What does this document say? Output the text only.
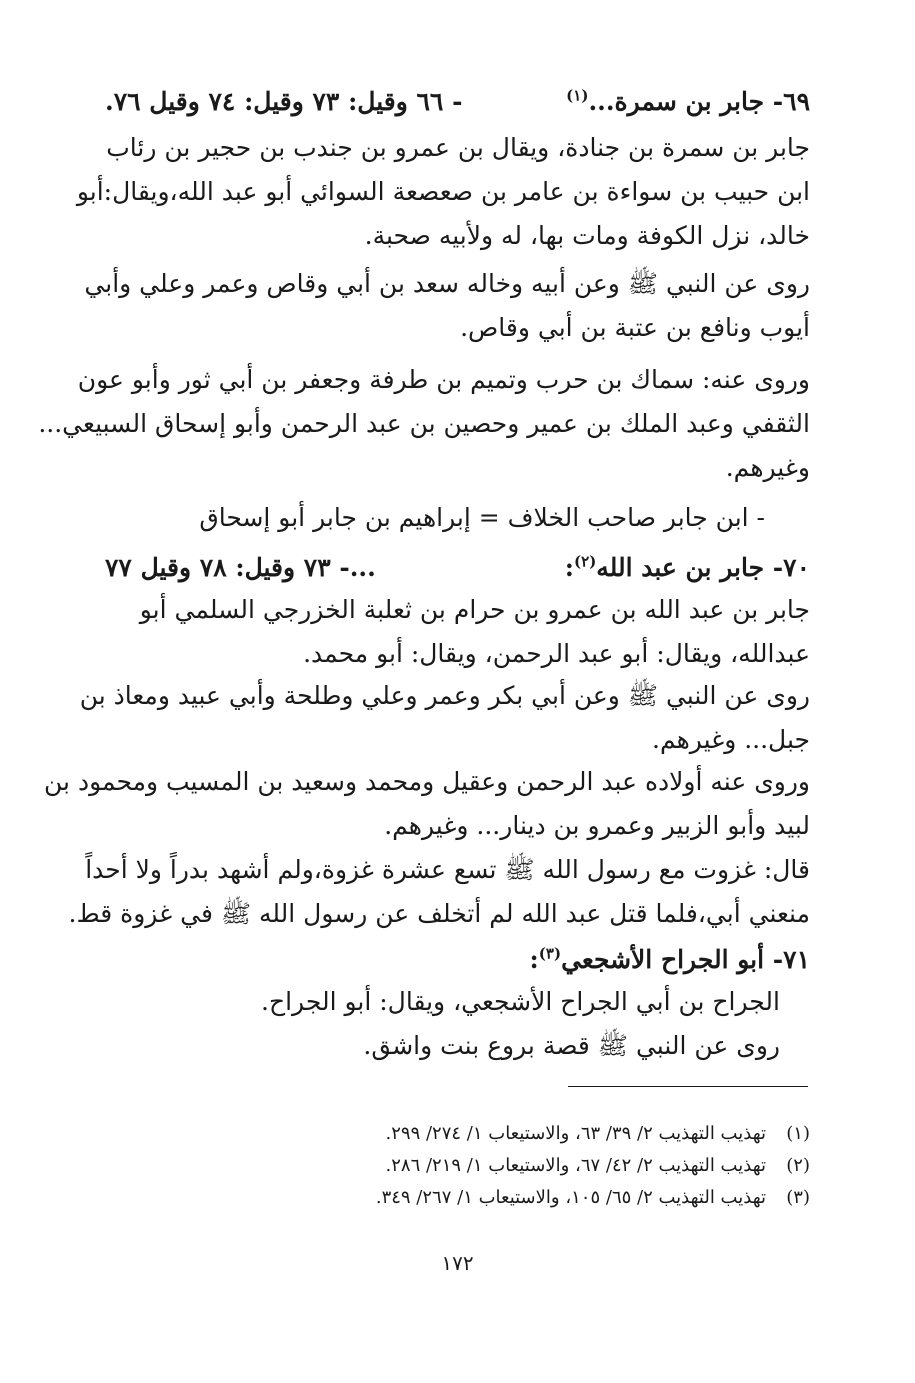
٦٩- جابر بن سمرة...$^{(١)}$
- ٦٦ وقيل: ٧٣ وقيل: ٧٤ وقيل ٧٦.
جابر بن سمرة بن جنادة، ويقال بن عمرو بن جندب بن حجير بن رئاب
ابن حبيب بن سواءة بن عامر بن صعصعة السوائي أبو عبد الله،ويقال:أبو
خالد، نزل الكوفة ومات بها، له ولأبيه صحبة.
روى عن النبي ﷺ وعن أبيه وخاله سعد بن أبي وقاص وعمر وعلي وأبي
أيوب ونافع بن عتبة بن أبي وقاص.
وروى عنه: سماك بن حرب وتميم بن طرفة وجعفر بن أبي ثور وأبو عون
الثقفي وعبد الملك بن عمير وحصين بن عبد الرحمن وأبو إسحاق السبيعي...
وغيرهم.
- ابن جابر صاحب الخلاف = إبراهيم بن جابر أبو إسحاق
٧٠- جابر بن عبد الله$^{(٢)}$:
...- ٧٣ وقيل: ٧٨ وقيل ٧٧
جابر بن عبد الله بن عمرو بن حرام بن ثعلبة الخزرجي السلمي أبو
عبدالله، ويقال: أبو عبد الرحمن، ويقال: أبو محمد.
روى عن النبي ﷺ وعن أبي بكر وعمر وعلي وطلحة وأبي عبيد ومعاذ بن
جبل... وغيرهم.
وروى عنه أولاده عبد الرحمن وعقيل ومحمد وسعيد بن المسيب ومحمود بن
لبيد وأبو الزبير وعمرو بن دينار... وغيرهم.
قال: غزوت مع رسول الله ﷺ تسع عشرة غزوة،ولم أشهد بدراً ولا أحداً
منعني أبي،فلما قتل عبد الله لم أتخلف عن رسول الله ﷺ في غزوة قط.
٧١- أبو الجراح الأشجعي$^{(٣)}$:
الجراح بن أبي الجراح الأشجعي، ويقال: أبو الجراح.
روى عن النبي ﷺ قصة بروع بنت واشق.
(١)تهذيب التهذيب ٢/ ٣٩/ ٦٣، والاستيعاب ١/ ٢٧٤/ ٢٩٩.
(٢)تهذيب التهذيب ٢/ ٤٢/ ٦٧، والاستيعاب ١/ ٢١٩/ ٢٨٦.
(٣)تهذيب التهذيب ٢/ ٦٥/ ١٠٥، والاستيعاب ١/ ٢٦٧/ ٣٤٩.
١٧٢
